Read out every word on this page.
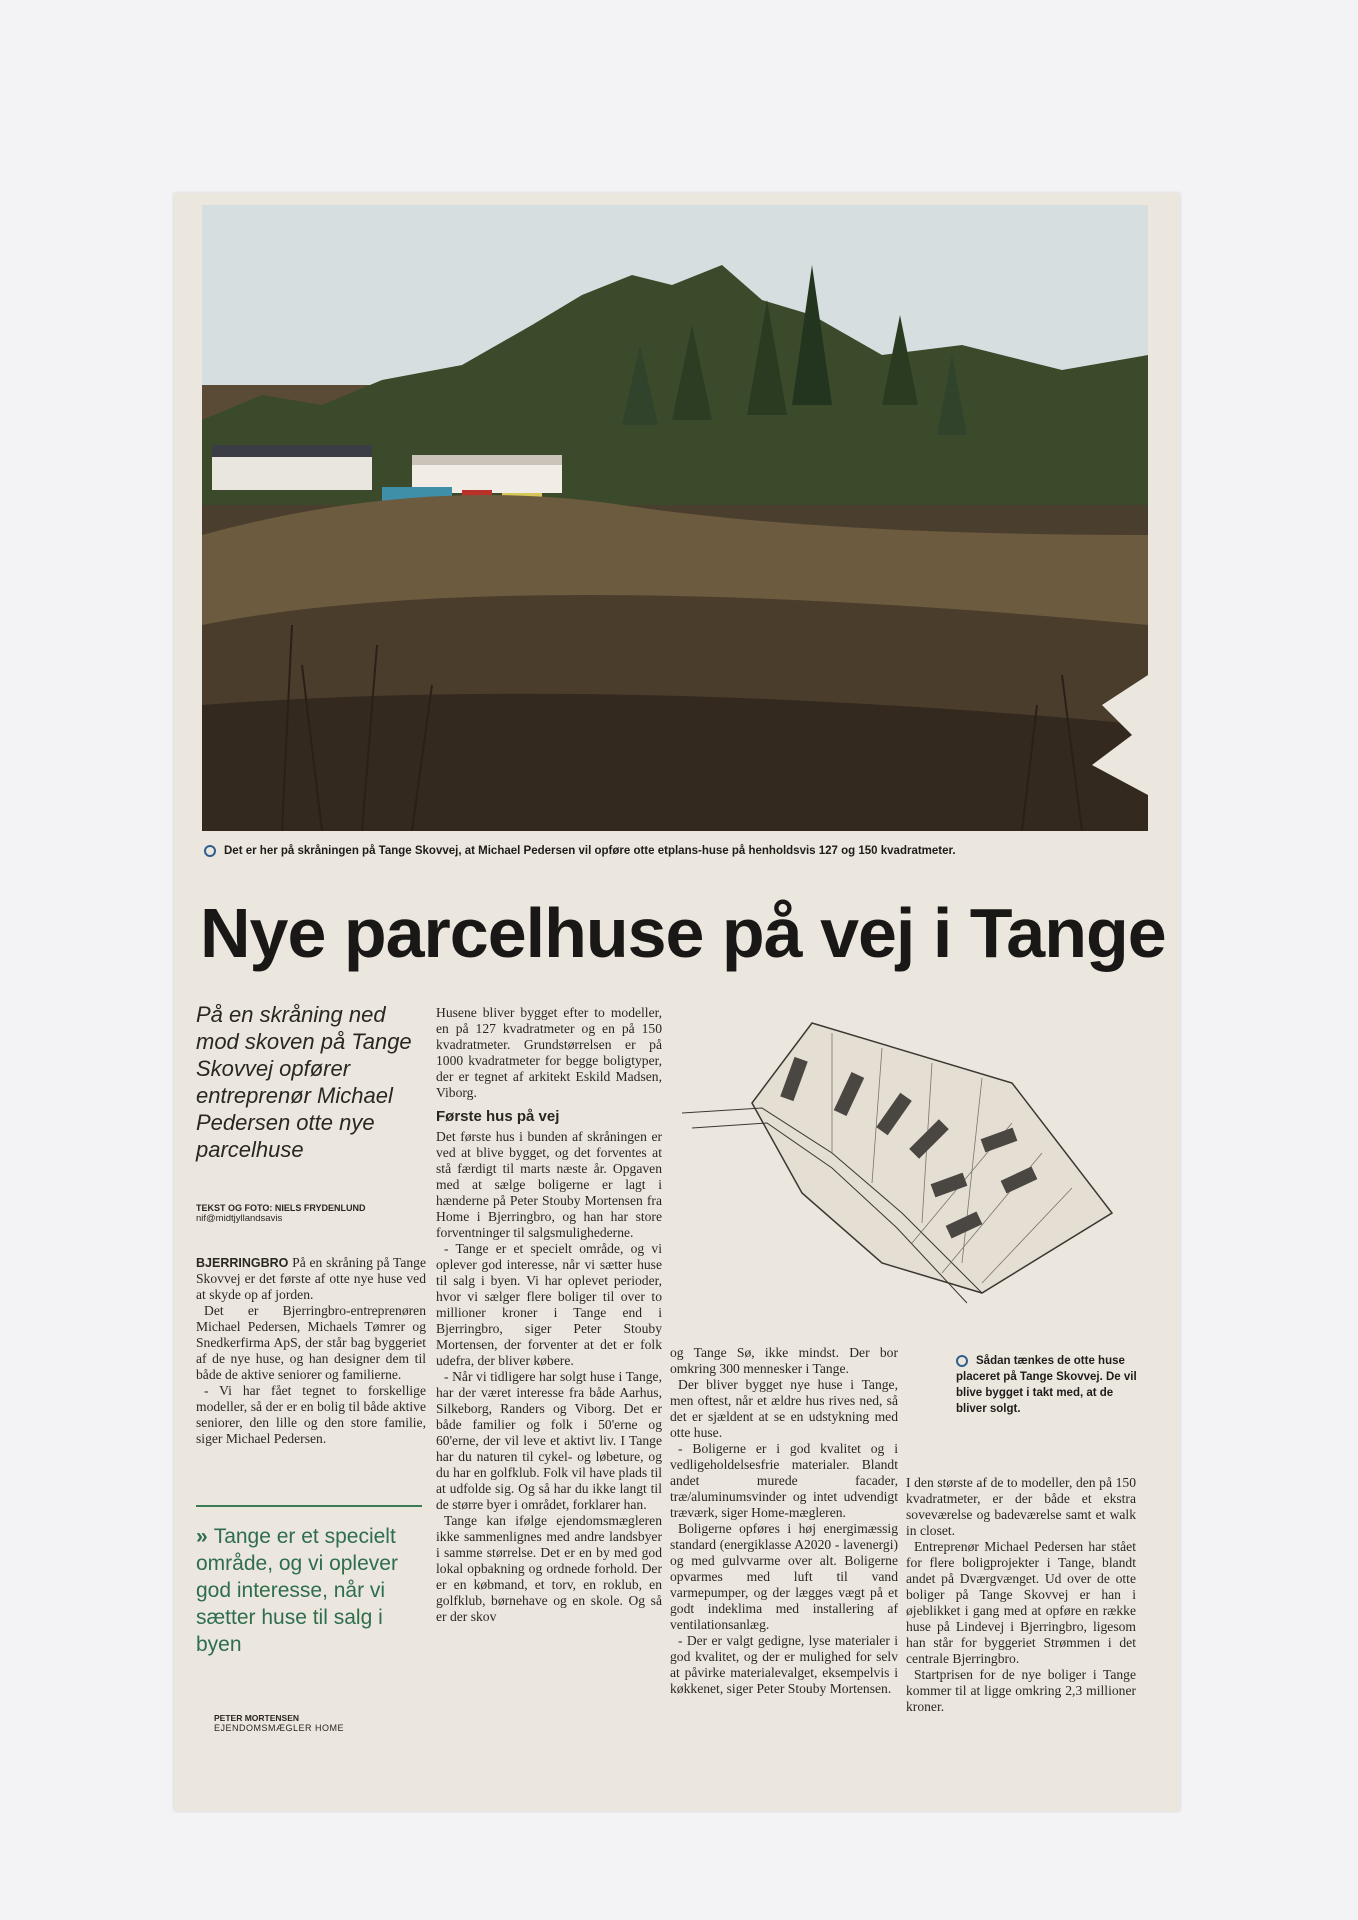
Det er her på skråningen på Tange Skovvej, at Michael Pedersen vil opføre otte etplans-huse på henholdsvis 127 og 150 kvadratmeter.
Nye parcelhuse på vej i Tange
På en skråning ned mod skoven på Tange Skovvej opfører entreprenør Michael Pedersen otte nye parcelhuse
TEKST OG FOTO: NIELS FRYDENLUND
nif@midtjyllandsavis

BJERRINGBRO På en skråning på Tange Skovvej er det første af otte nye huse ved at skyde op af jorden.

Det er Bjerringbro-entreprenøren Michael Pedersen, Michaels Tømrer og Snedkerfirma ApS, der står bag byggeriet af de nye huse, og han designer dem til både de aktive seniorer og familierne.

- Vi har fået tegnet to forskellige modeller, så der er en bolig til både aktive seniorer, den lille og den store familie, siger Michael Pedersen.

» Tange er et specielt område, og vi oplever god interesse, når vi sætter huse til salg i byen
PETER MORTENSEN
EJENDOMSMÆGLER HOME

Husene bliver bygget efter to modeller, en på 127 kvadratmeter og en på 150 kvadratmeter. Grundstørrelsen er på 1000 kvadratmeter for begge boligtyper, der er tegnet af arkitekt Eskild Madsen, Viborg.

Første hus på vej

Det første hus i bunden af skråningen er ved at blive bygget, og det forventes at stå færdigt til marts næste år. Opgaven med at sælge boligerne er lagt i hænderne på Peter Stouby Mortensen fra Home i Bjerringbro, og han har store forventninger til salgsmulighederne.

- Tange er et specielt område, og vi oplever god interesse, når vi sætter huse til salg i byen. Vi har oplevet perioder, hvor vi sælger flere boliger til over to millioner kroner i Tange end i Bjerringbro, siger Peter Stouby Mortensen, der forventer at det er folk udefra, der bliver købere.

- Når vi tidligere har solgt huse i Tange, har der været interesse fra både Aarhus, Silkeborg, Randers og Viborg. Det er både familier og folk i 50'erne og 60'erne, der vil leve et aktivt liv. I Tange har du naturen til cykel- og løbeture, og du har en golfklub. Folk vil have plads til at udfolde sig. Og så har du ikke langt til de større byer i området, forklarer han.

Tange kan ifølge ejendomsmægleren ikke sammenlignes med andre landsbyer i samme størrelse. Det er en by med god lokal opbakning og ordnede forhold. Der er en købmand, et torv, en roklub, en golfklub, børnehave og en skole. Og så er der skov

Sådan tænkes de otte huse placeret på Tange Skovvej. De vil blive bygget i takt med, at de bliver solgt.

og Tange Sø, ikke mindst. Der bor omkring 300 mennesker i Tange.

Der bliver bygget nye huse i Tange, men oftest, når et ældre hus rives ned, så det er sjældent at se en udstykning med otte huse.

- Boligerne er i god kvalitet og i vedligeholdelsesfrie materialer. Blandt andet murede facader, træ/aluminumsvinder og intet udvendigt træværk, siger Home-mægleren.

Boligerne opføres i høj energimæssig standard (energiklasse A2020 - lavenergi) og med gulvvarme over alt. Boligerne opvarmes med luft til vand varmepumper, og der lægges vægt på et godt indeklima med installering af ventilationsanlæg.

- Der er valgt gedigne, lyse materialer i god kvalitet, og der er mulighed for selv at påvirke materialevalget, eksempelvis i køkkenet, siger Peter Stouby Mortensen.

I den største af de to modeller, den på 150 kvadratmeter, er der både et ekstra soveværelse og badeværelse samt et walk in closet.

Entreprenør Michael Pedersen har stået for flere boligprojekter i Tange, blandt andet på Dværgvænget. Ud over de otte boliger på Tange Skovvej er han i øjeblikket i gang med at opføre en række huse på Lindevej i Bjerringbro, ligesom han står for byggeriet Strømmen i det centrale Bjerringbro.

Startprisen for de nye boliger i Tange kommer til at ligge omkring 2,3 millioner kroner.
